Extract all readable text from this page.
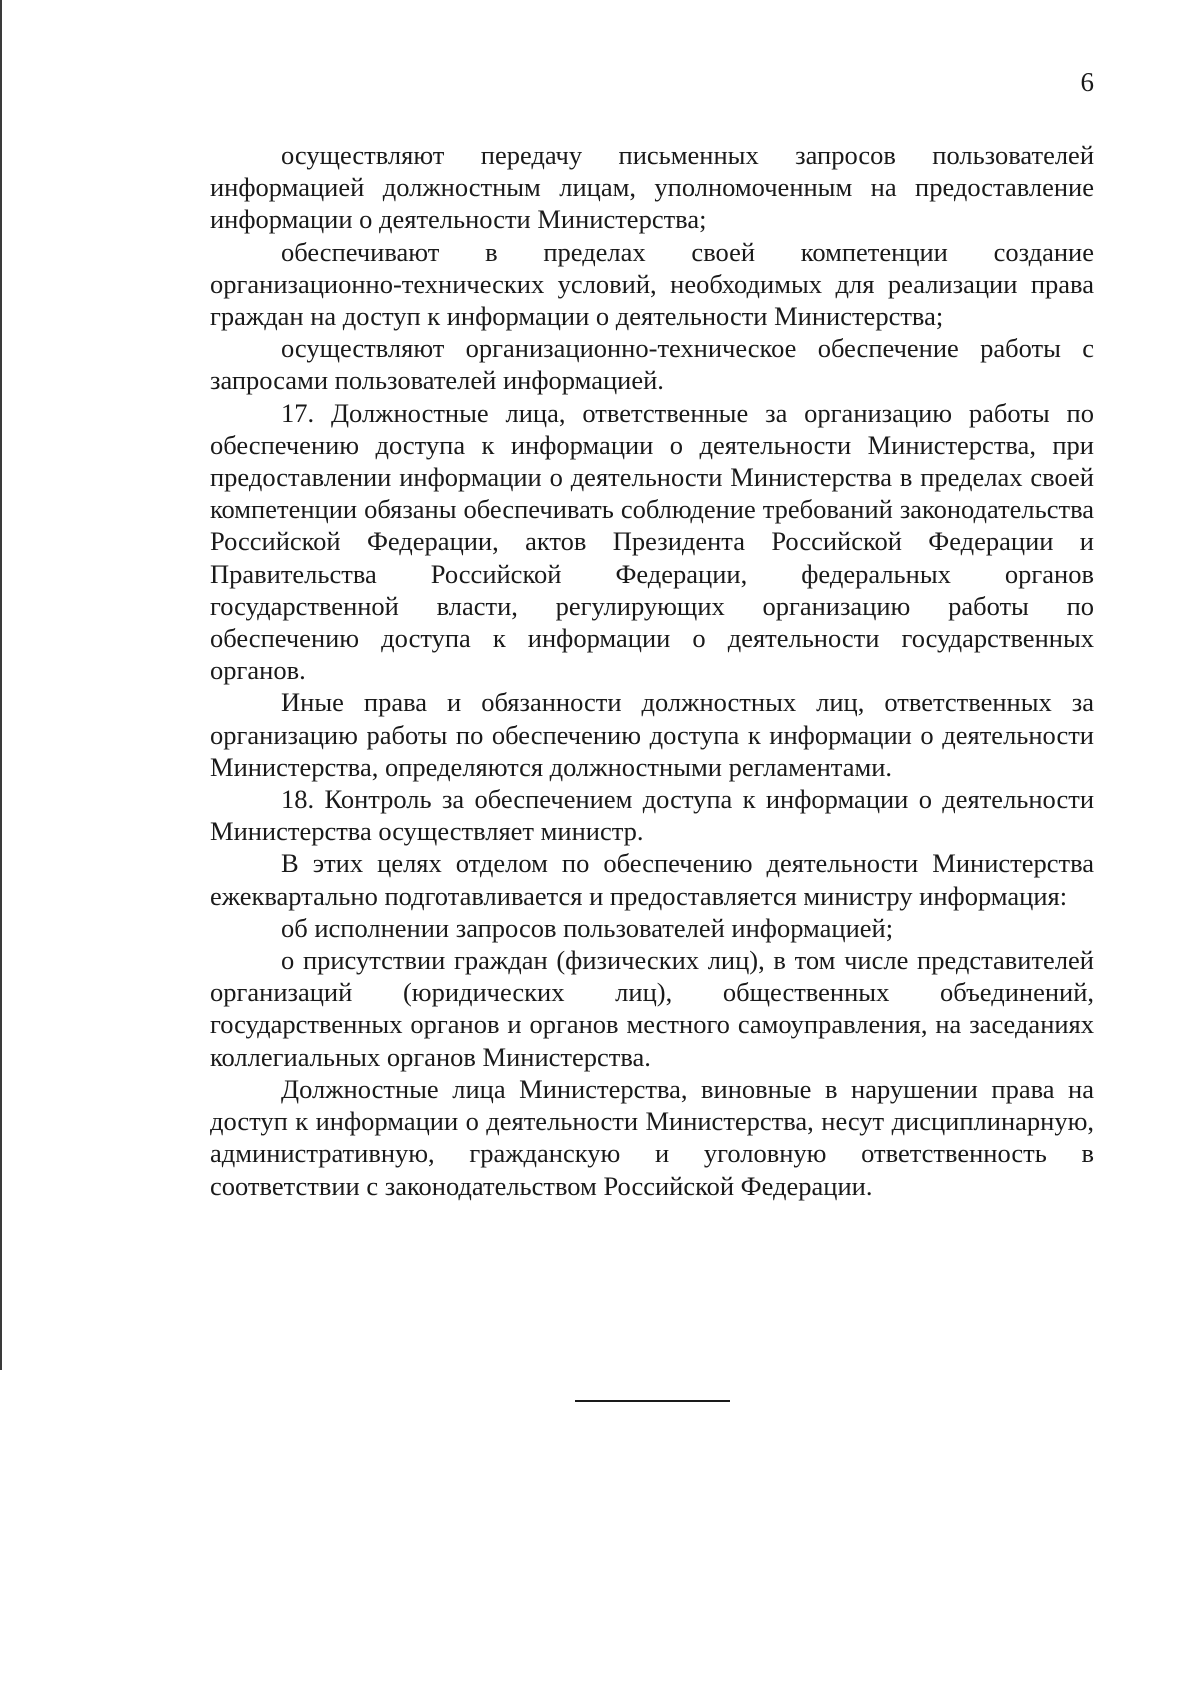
6

осуществляют передачу письменных запросов пользователей информацией должностным лицам, уполномоченным на предоставление информации о деятельности Министерства;

обеспечивают в пределах своей компетенции создание организационно-технических условий, необходимых для реализации права граждан на доступ к информации о деятельности Министерства;

осуществляют организационно-техническое обеспечение работы с запросами пользователей информацией.

17. Должностные лица, ответственные за организацию работы по обеспечению доступа к информации о деятельности Министерства, при предоставлении информации о деятельности Министерства в пределах своей компетенции обязаны обеспечивать соблюдение требований законодательства Российской Федерации, актов Президента Российской Федерации и Правительства Российской Федерации, федеральных органов государственной власти, регулирующих организацию работы по обеспечению доступа к информации о деятельности государственных органов.

Иные права и обязанности должностных лиц, ответственных за организацию работы по обеспечению доступа к информации о деятельности Министерства, определяются должностными регламентами.

18. Контроль за обеспечением доступа к информации о деятельности Министерства осуществляет министр.

В этих целях отделом по обеспечению деятельности Министерства ежеквартально подготавливается и предоставляется министру информация:

об исполнении запросов пользователей информацией;

о присутствии граждан (физических лиц), в том числе представителей организаций (юридических лиц), общественных объединений, государственных органов и органов местного самоуправления, на заседаниях коллегиальных органов Министерства.

Должностные лица Министерства, виновные в нарушении права на доступ к информации о деятельности Министерства, несут дисциплинарную, административную, гражданскую и уголовную ответственность в соответствии с законодательством Российской Федерации.
